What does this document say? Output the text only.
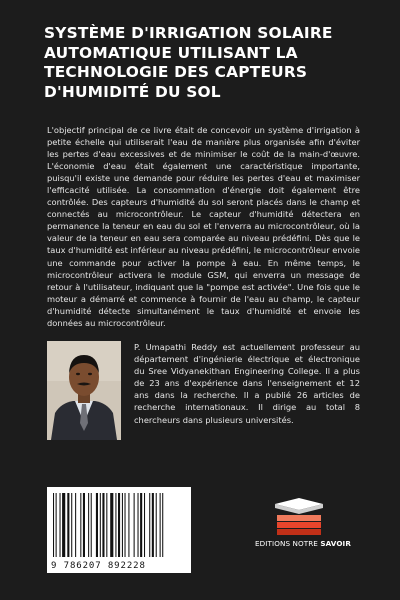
SYSTÈME D'IRRIGATION SOLAIRE AUTOMATIQUE UTILISANT LA TECHNOLOGIE DES CAPTEURS D'HUMIDITÉ DU SOL

L'objectif principal de ce livre était de concevoir un système d'irrigation à petite échelle qui utiliserait l'eau de manière plus organisée afin d'éviter les pertes d'eau excessives et de minimiser le coût de la main-d'œuvre. L'économie d'eau était également une caractéristique importante, puisqu'il existe une demande pour réduire les pertes d'eau et maximiser l'efficacité utilisée. La consommation d'énergie doit également être contrôlée. Des capteurs d'humidité du sol seront placés dans le champ et connectés au microcontrôleur. Le capteur d'humidité détectera en permanence la teneur en eau du sol et l'enverra au microcontrôleur, où la valeur de la teneur en eau sera comparée au niveau prédéfini. Dès que le taux d'humidité est inférieur au niveau prédéfini, le microcontrôleur envoie une commande pour activer la pompe à eau. En même temps, le microcontrôleur activera le module GSM, qui enverra un message de retour à l'utilisateur, indiquant que la "pompe est activée". Une fois que le moteur a démarré et commence à fournir de l'eau au champ, le capteur d'humidité détecte simultanément le taux d'humidité et envoie les données au microcontrôleur.

P. Umapathi Reddy est actuellement professeur au département d'ingénierie électrique et électronique du Sree Vidyanekithan Engineering College. Il a plus de 23 ans d'expérience dans l'enseignement et 12 ans dans la recherche. Il a publié 26 articles de recherche internationaux. Il dirige au total 8 chercheurs dans plusieurs universités.

9 786207 892228
EDITIONS NOTRE SAVOIR
